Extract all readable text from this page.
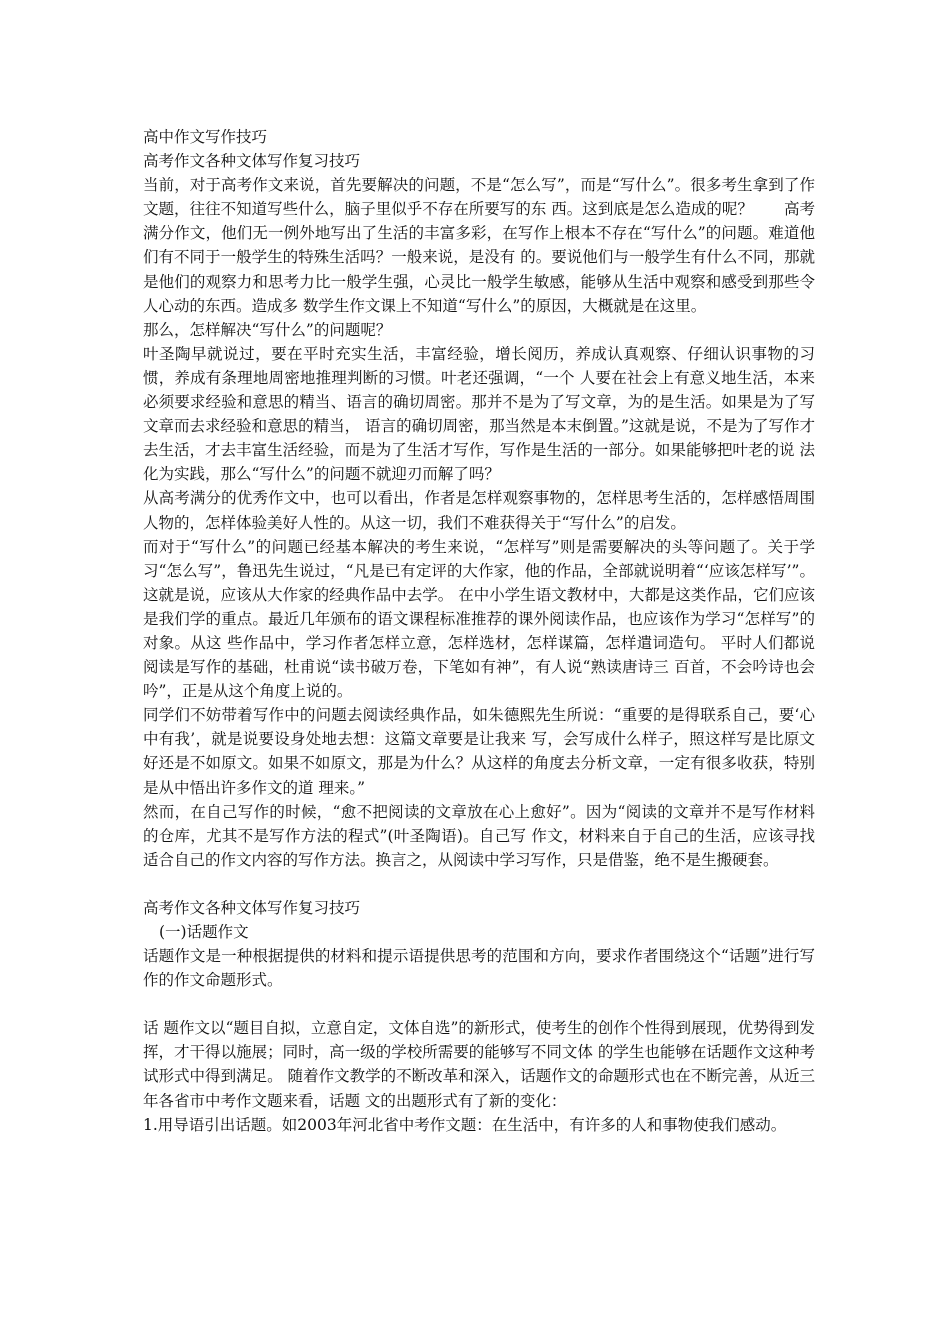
高中作文写作技巧
高考作文各种文体写作复习技巧
当前，对于高考作文来说，首先要解决的问题，不是“怎么写”，而是“写什么”。很多考生拿到了作文题，往往不知道写些什么，脑子里似乎不存在所要写的东 西。这到底是怎么造成的呢？　　高考满分作文，他们无一例外地写出了生活的丰富多彩，在写作上根本不存在“写什么”的问题。难道他们有不同于一般学生的特殊生活吗？一般来说，是没有 的。要说他们与一般学生有什么不同，那就是他们的观察力和思考力比一般学生强，心灵比一般学生敏感，能够从生活中观察和感受到那些令人心动的东西。造成多 数学生作文课上不知道“写什么”的原因，大概就是在这里。
那么，怎样解决“写什么”的问题呢？
叶圣陶早就说过，要在平时充实生活，丰富经验，增长阅历，养成认真观察、仔细认识事物的习惯，养成有条理地周密地推理判断的习惯。叶老还强调，“一个 人要在社会上有意义地生活，本来必须要求经验和意思的精当、语言的确切周密。那并不是为了写文章，为的是生活。如果是为了写文章而去求经验和意思的精当， 语言的确切周密，那当然是本末倒置。”这就是说，不是为了写作才去生活，才去丰富生活经验，而是为了生活才写作，写作是生活的一部分。如果能够把叶老的说 法化为实践，那么“写什么”的问题不就迎刃而解了吗？
从高考满分的优秀作文中，也可以看出，作者是怎样观察事物的，怎样思考生活的，怎样感悟周围人物的，怎样体验美好人性的。从这一切，我们不难获得关于“写什么”的启发。
而对于“写什么”的问题已经基本解决的考生来说，“怎样写”则是需要解决的头等问题了。关于学习“怎么写”，鲁迅先生说过，“凡是已有定评的大作家，他的作品，全部就说明着“‘应该怎样写’”。这就是说，应该从大作家的经典作品中去学。 在中小学生语文教材中，大都是这类作品，它们应该是我们学的重点。最近几年颁布的语文课程标准推荐的课外阅读作品，也应该作为学习“怎样写”的对象。从这 些作品中，学习作者怎样立意，怎样选材，怎样谋篇，怎样遣词造句。 平时人们都说阅读是写作的基础，杜甫说“读书破万卷，下笔如有神”，有人说“熟读唐诗三 百首，不会吟诗也会吟”，正是从这个角度上说的。
同学们不妨带着写作中的问题去阅读经典作品，如朱德熙先生所说：“重要的是得联系自己，要‘心中有我’，就是说要设身处地去想：这篇文章要是让我来 写，会写成什么样子，照这样写是比原文好还是不如原文。如果不如原文，那是为什么？从这样的角度去分析文章，一定有很多收获，特别是从中悟出许多作文的道 理来。”
然而，在自己写作的时候，“愈不把阅读的文章放在心上愈好”。因为“阅读的文章并不是写作材料的仓库，尤其不是写作方法的程式”(叶圣陶语)。自己写 作文，材料来自于自己的生活，应该寻找适合自己的作文内容的写作方法。换言之，从阅读中学习写作，只是借鉴，绝不是生搬硬套。
高考作文各种文体写作复习技巧
(一)话题作文
话题作文是一种根据提供的材料和提示语提供思考的范围和方向，要求作者围绕这个“话题”进行写作的作文命题形式。
话 题作文以“题目自拟，立意自定，文体自选”的新形式，使考生的创作个性得到展现，优势得到发挥，才干得以施展；同时，高一级的学校所需要的能够写不同文体 的学生也能够在话题作文这种考试形式中得到满足。 随着作文教学的不断改革和深入，话题作文的命题形式也在不断完善，从近三年各省市中考作文题来看，话题 文的出题形式有了新的变化：
1.用导语引出话题。如2003年河北省中考作文题：在生活中，有许多的人和事物使我们感动。
